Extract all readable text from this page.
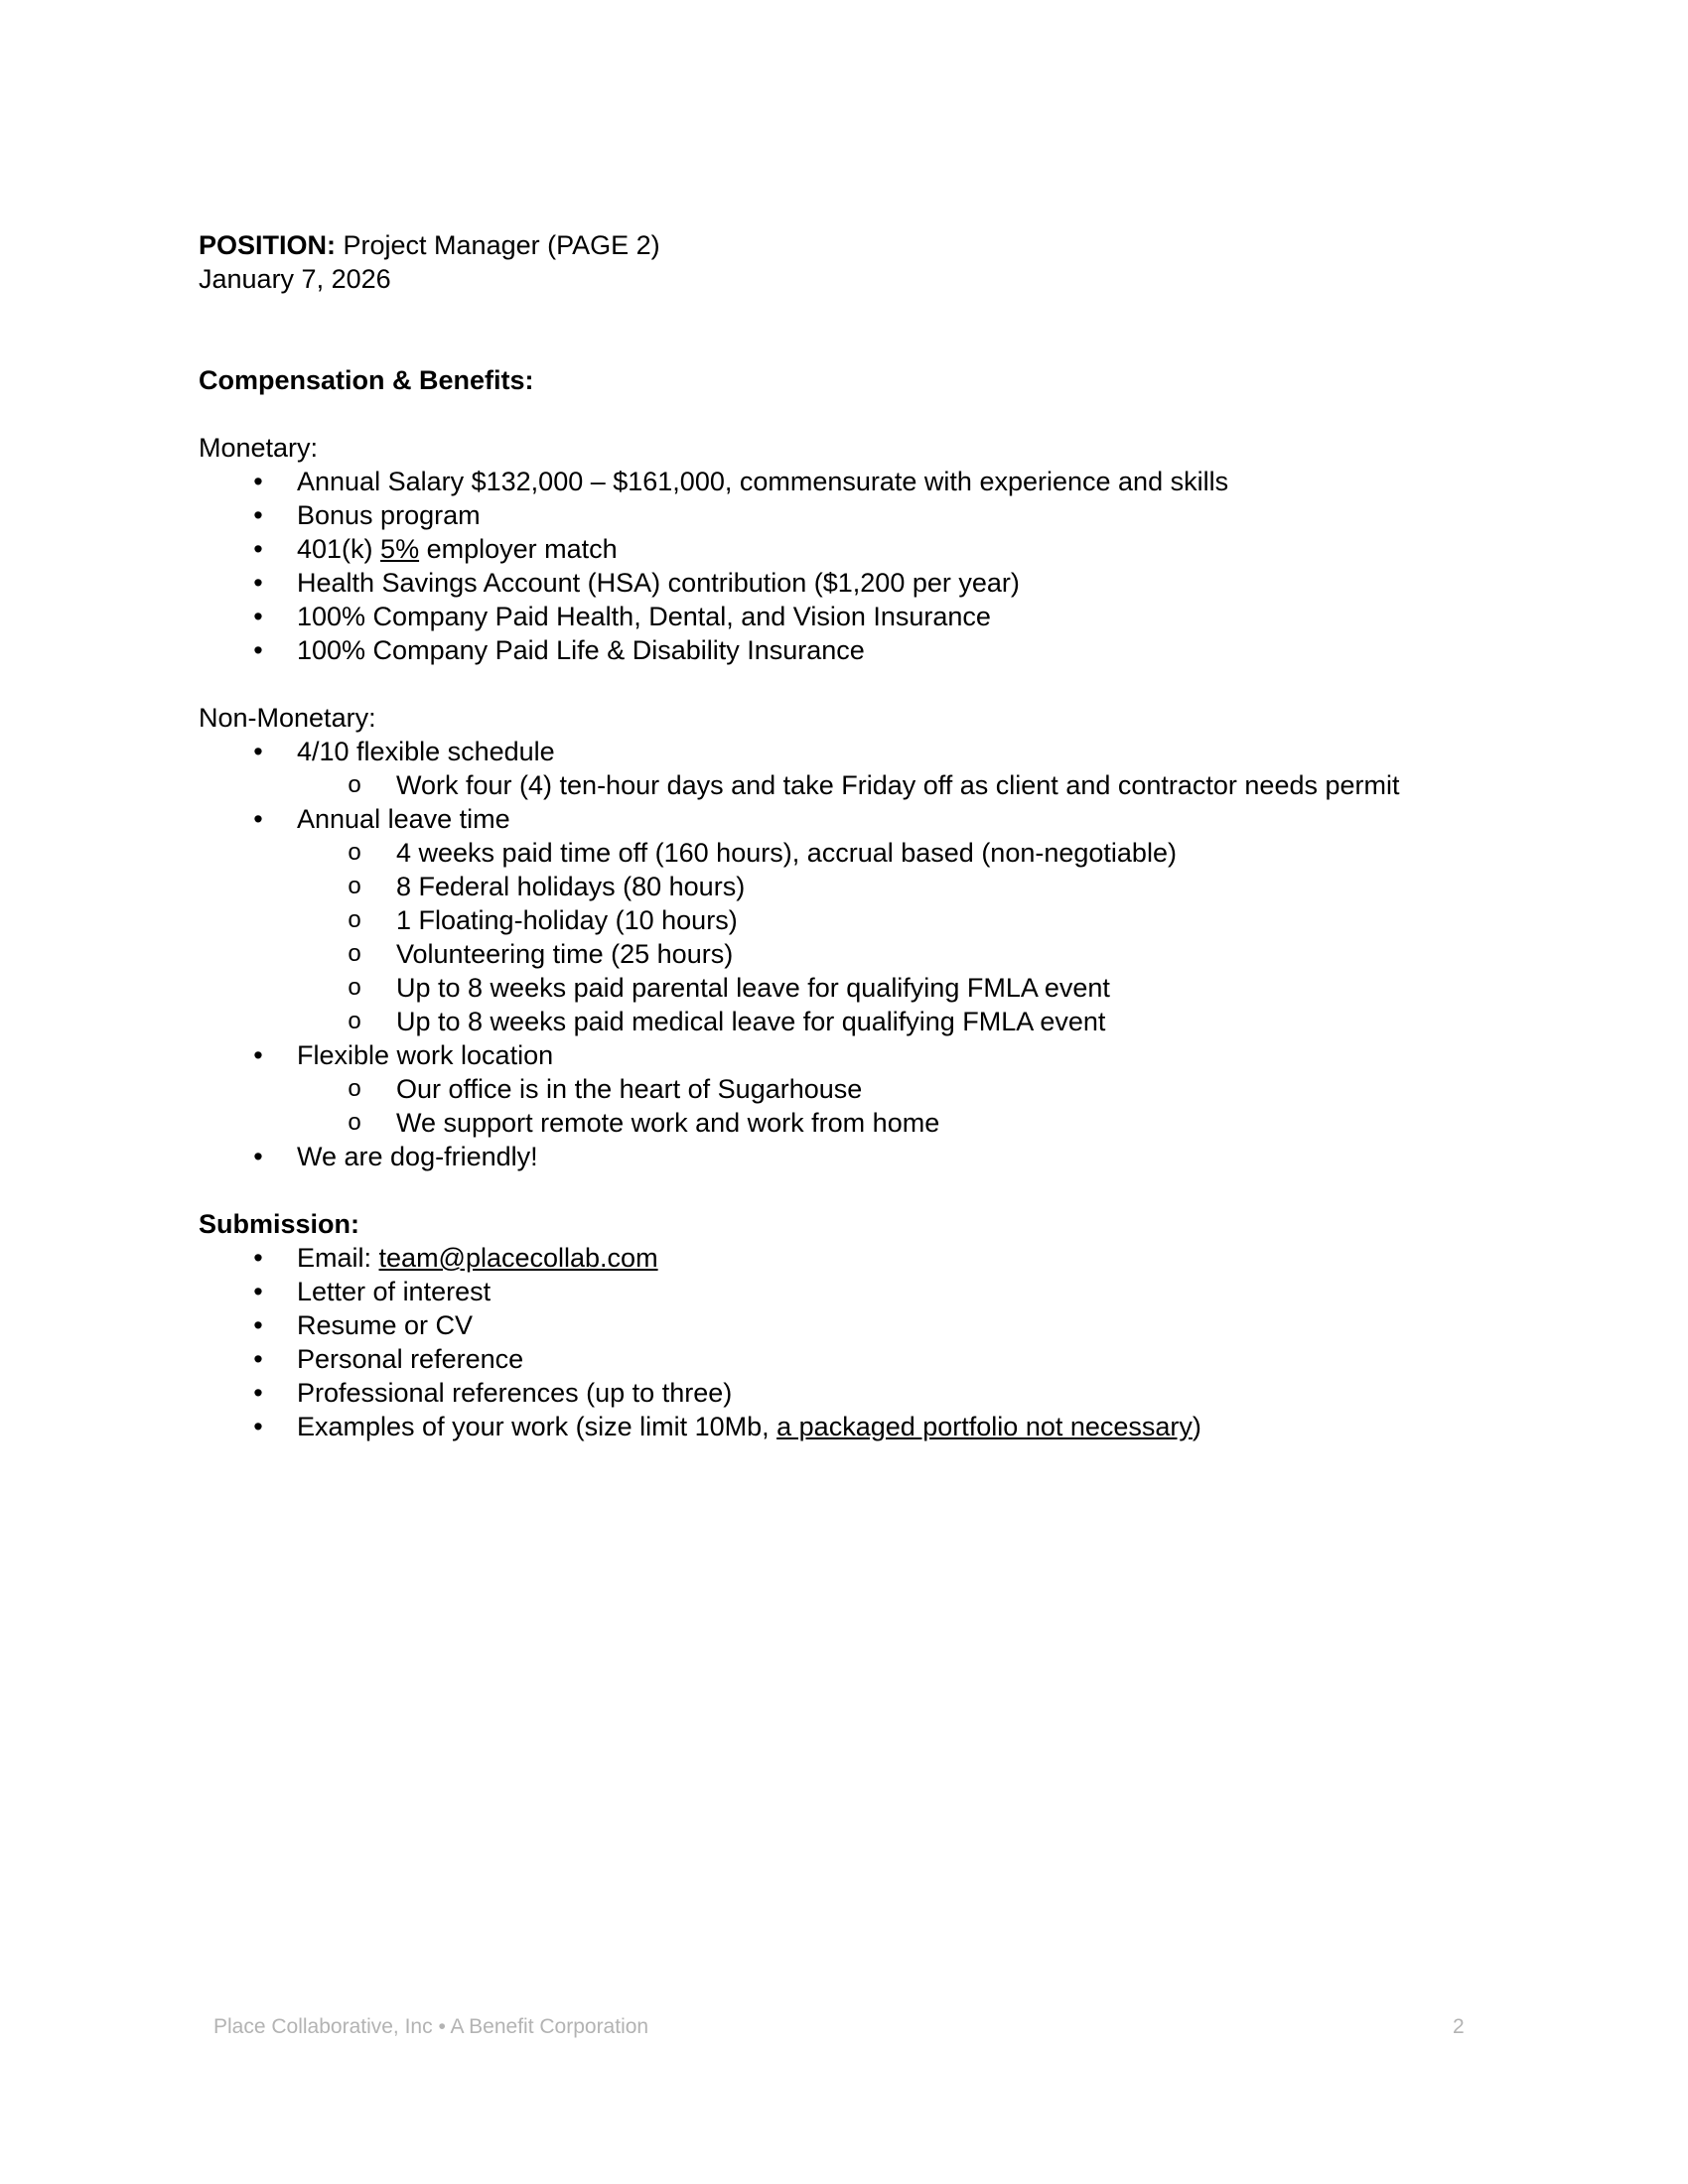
POSITION: Project Manager (PAGE 2)

January 7, 2026

Compensation & Benefits:

Monetary:

• Annual Salary $132,000 – $161,000, commensurate with experience and skills
• Bonus program
• 401(k) 5% employer match
• Health Savings Account (HSA) contribution ($1,200 per year)
• 100% Company Paid Health, Dental, and Vision Insurance
• 100% Company Paid Life & Disability Insurance

Non-Monetary:

• 4/10 flexible schedule
o Work four (4) ten-hour days and take Friday off as client and contractor needs permit
• Annual leave time
o 4 weeks paid time off (160 hours), accrual based (non-negotiable)
o 8 Federal holidays (80 hours)
o 1 Floating-holiday (10 hours)
o Volunteering time (25 hours)
o Up to 8 weeks paid parental leave for qualifying FMLA event
o Up to 8 weeks paid medical leave for qualifying FMLA event
• Flexible work location
o Our office is in the heart of Sugarhouse
o We support remote work and work from home
• We are dog-friendly!

Submission:

• Email: team@placecollab.com
• Letter of interest
• Resume or CV
• Personal reference
• Professional references (up to three)
• Examples of your work (size limit 10Mb, a packaged portfolio not necessary)
Place Collaborative, Inc • A Benefit Corporation	2
